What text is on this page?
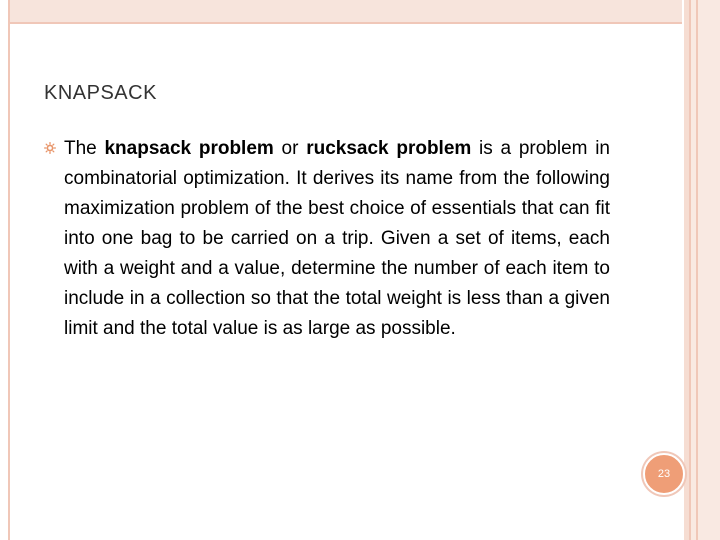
KNAPSACK

The knapsack problem or rucksack problem is a problem in combinatorial optimization. It derives its name from the following maximization problem of the best choice of essentials that can fit into one bag to be carried on a trip. Given a set of items, each with a weight and a value, determine the number of each item to include in a collection so that the total weight is less than a given limit and the total value is as large as possible.

23
